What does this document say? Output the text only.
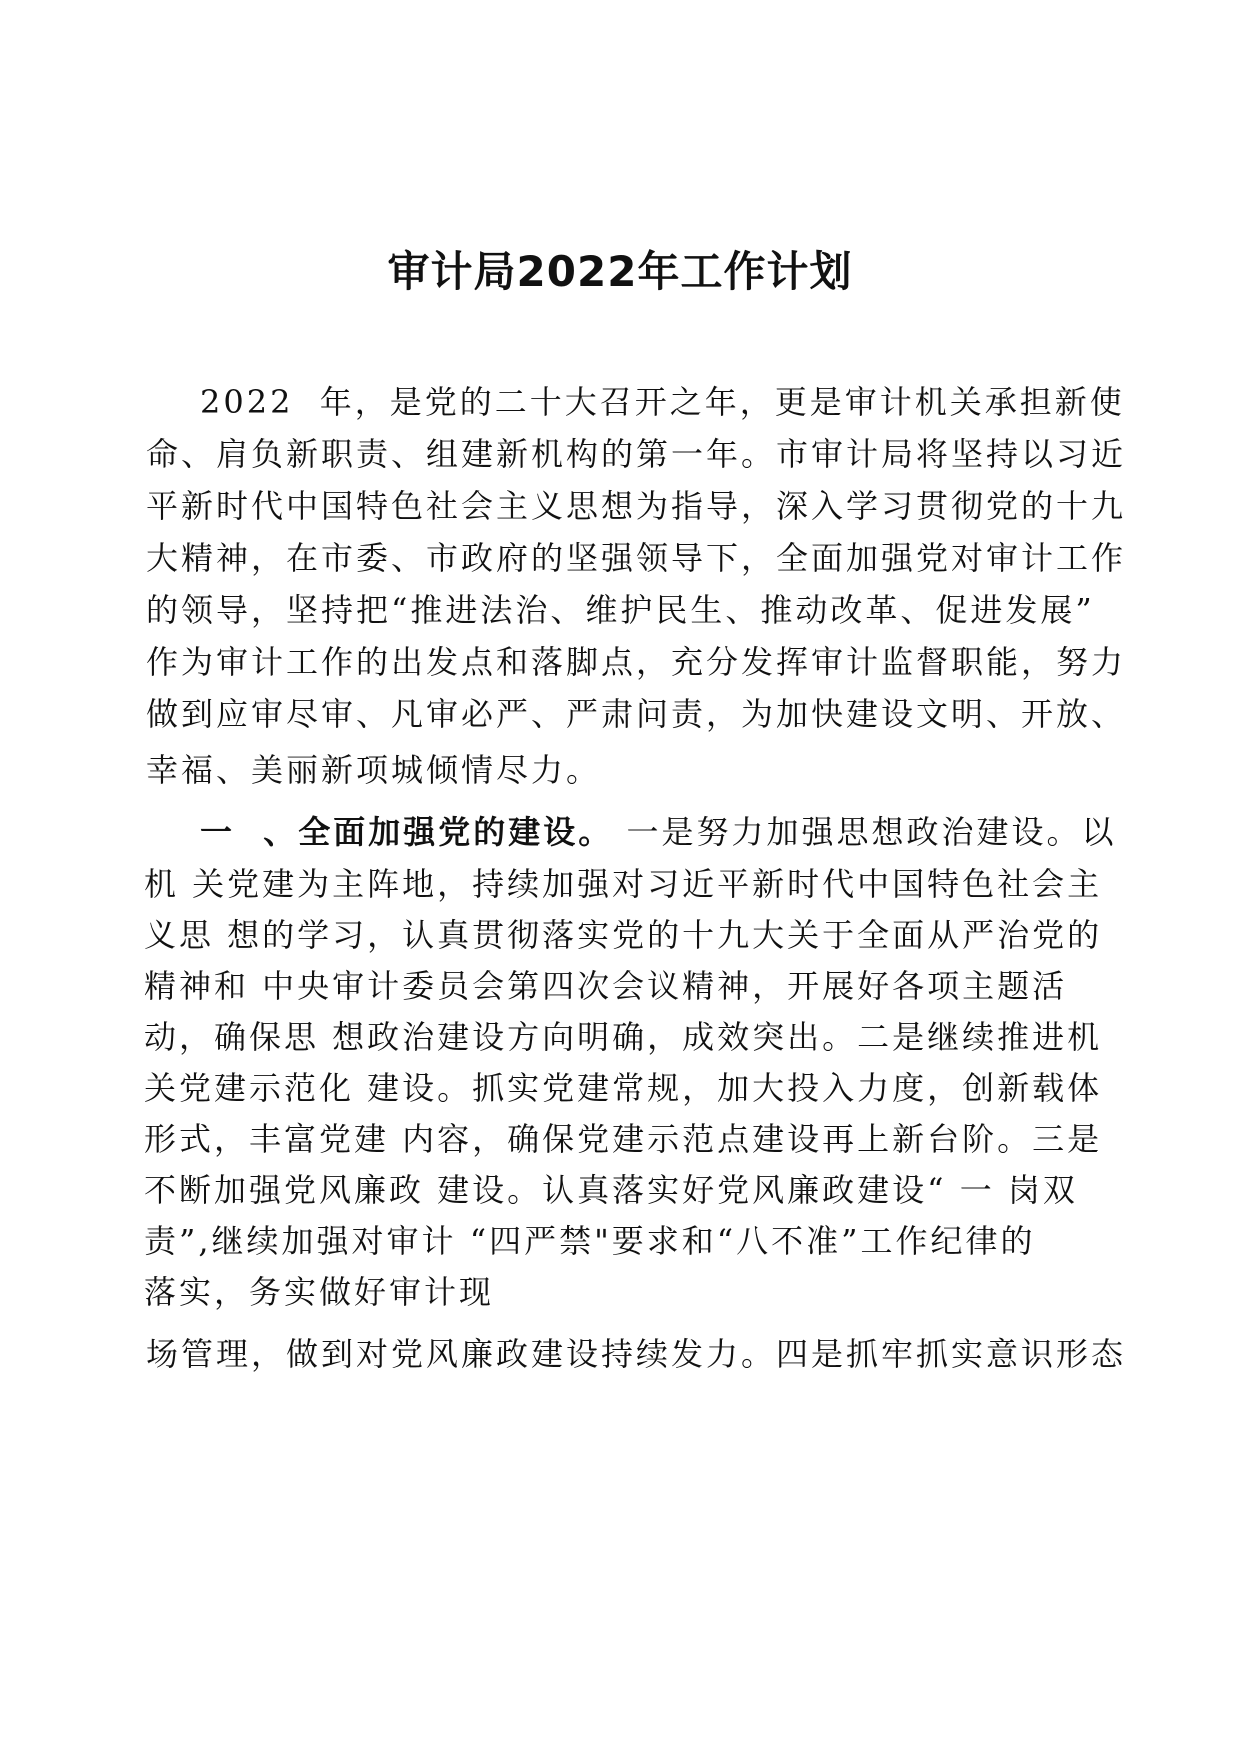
审计局2022年工作计划
2022  年，是党的二十大召开之年，更是审计机关承担新使
命、肩负新职责、组建新机构的第一年。市审计局将坚持以习近
平新时代中国特色社会主义思想为指导，深入学习贯彻党的十九
大精神，在市委、市政府的坚强领导下，全面加强党对审计工作
的领导，坚持把“推进法治、维护民生、推动改革、促进发展”
作为审计工作的出发点和落脚点，充分发挥审计监督职能，努力
做到应审尽审、凡审必严、严肃问责，为加快建设文明、开放、
幸福、美丽新项城倾情尽力。
一  、全面加强党的建设。 一是努力加强思想政治建设。以
机 关党建为主阵地，持续加强对习近平新时代中国特色社会主
义思 想的学习，认真贯彻落实党的十九大关于全面从严治党的
精神和 中央审计委员会第四次会议精神，开展好各项主题活
动，确保思 想政治建设方向明确，成效突出。二是继续推进机
关党建示范化 建设。抓实党建常规，加大投入力度，创新载体
形式，丰富党建 内容，确保党建示范点建设再上新台阶。三是
不断加强党风廉政 建设。认真落实好党风廉政建设“ 一 岗双
责”,继续加强对审计 “四严禁"要求和“八不准”工作纪律的
落实，务实做好审计现
场管理，做到对党风廉政建设持续发力。四是抓牢抓实意识形态
